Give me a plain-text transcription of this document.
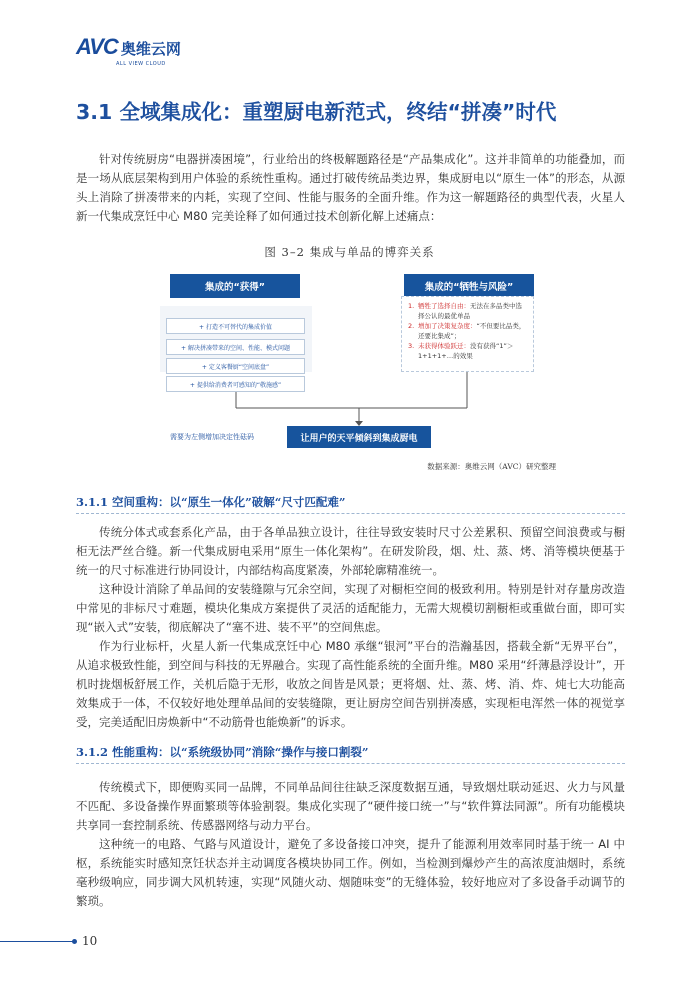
AVC 奥维云网
ALL VIEW CLOUD
3.1 全域集成化：重塑厨电新范式，终结“拼凑”时代

针对传统厨房“电器拼凑困境”，行业给出的终极解题路径是“产品集成化”。这并非简单的功能叠加，而是一场从底层架构到用户体验的系统性重构。通过打破传统品类边界，集成厨电以“原生一体”的形态，从源头上消除了拼凑带来的内耗，实现了空间、性能与服务的全面升维。作为这一解题路径的典型代表，火星人新一代集成烹饪中心 M80 完美诠释了如何通过技术创新化解上述痛点：

图 3–2 集成与单品的博弈关系
集成的“获得”
+ 打造不可替代的集成价值
+ 解决拼凑带来的空间、性能、模式问题
+ 定义客餐厨“空间底盘”
+ 提供给消费者可感知的“敬施感”
集成的“牺牲与风险”
1. 牺牲了选择自由：无法在多品类中选择公认的最优单品
2. 增加了决策复杂度：“不但要比品类，还要比集成”；
3. 未获得体验跃迁：没有获得“1”＞1+1+1+…的效果
需要为左侧增加决定性砝码	让用户的天平倾斜到集成厨电
数据来源：奥维云网（AVC）研究整理
3.1.1 空间重构：以“原生一体化”破解“尺寸匹配难”

传统分体式或套系化产品，由于各单品独立设计，往往导致安装时尺寸公差累积、预留空间浪费或与橱柜无法严丝合缝。新一代集成厨电采用“原生一体化架构”。在研发阶段，烟、灶、蒸、烤、消等模块便基于统一的尺寸标准进行协同设计，内部结构高度紧凑，外部轮廓精准统一。

这种设计消除了单品间的安装缝隙与冗余空间，实现了对橱柜空间的极致利用。特别是针对存量房改造中常见的非标尺寸难题，模块化集成方案提供了灵活的适配能力，无需大规模切割橱柜或重做台面，即可实现“嵌入式”安装，彻底解决了“塞不进、装不平”的空间焦虑。

作为行业标杆，火星人新一代集成烹饪中心 M80 承继“银河”平台的浩瀚基因，搭载全新“无界平台”，从追求极致性能，到空间与科技的无界融合。实现了高性能系统的全面升维。M80 采用“纤薄悬浮设计”，开机时拢烟板舒展工作，关机后隐于无形，收放之间皆是风景；更将烟、灶、蒸、烤、消、炸、炖七大功能高效集成于一体，不仅较好地处理单品间的安装缝隙，更让厨房空间告别拼凑感，实现柜电浑然一体的视觉享受，完美适配旧房焕新中“不动筋骨也能焕新”的诉求。

3.1.2 性能重构：以“系统级协同”消除“操作与接口割裂”

传统模式下，即便购买同一品牌，不同单品间往往缺乏深度数据互通，导致烟灶联动延迟、火力与风量不匹配、多设备操作界面繁琐等体验割裂。集成化实现了“硬件接口统一”与“软件算法同源”。所有功能模块共享同一套控制系统、传感器网络与动力平台。

这种统一的电路、气路与风道设计，避免了多设备接口冲突，提升了能源利用效率同时基于统一 AI 中枢，系统能实时感知烹饪状态并主动调度各模块协同工作。例如，当检测到爆炒产生的高浓度油烟时，系统毫秒级响应，同步调大风机转速，实现“风随火动、烟随味变”的无缝体验，较好地应对了多设备手动调节的繁琐。

10
